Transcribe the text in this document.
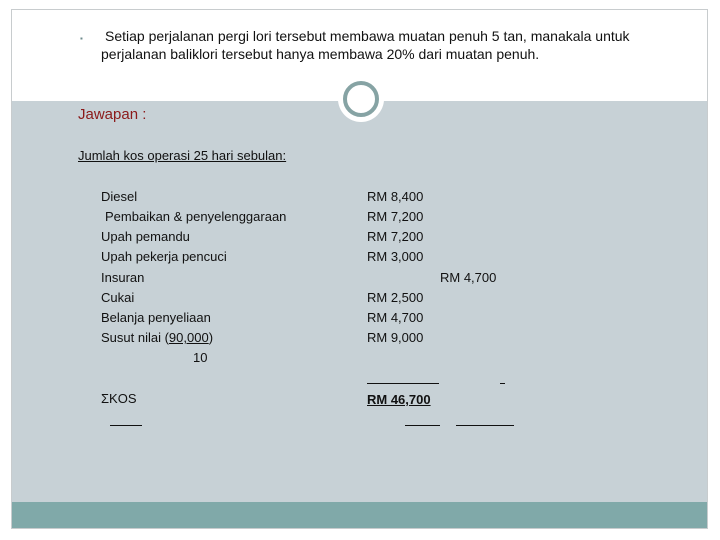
▪ Setiap perjalanan pergi lori tersebut membawa muatan penuh 5 tan, manakala untuk
perjalanan baliklori tersebut hanya membawa 20% dari muatan penuh.
Jawapan :
Jumlah kos operasi 25 hari sebulan:
Diesel
Pembaikan & penyelenggaraan
Upah pemandu
Upah pekerja pencuci
Insuran
Cukai
Belanja penyeliaan
Susut nilai (90,000)
10
RM 8,400
RM 7,200
RM 7,200
RM 3,000
RM 4,700
RM 2,500
RM 4,700
RM 9,000
ƩKOS	RM 46,700
